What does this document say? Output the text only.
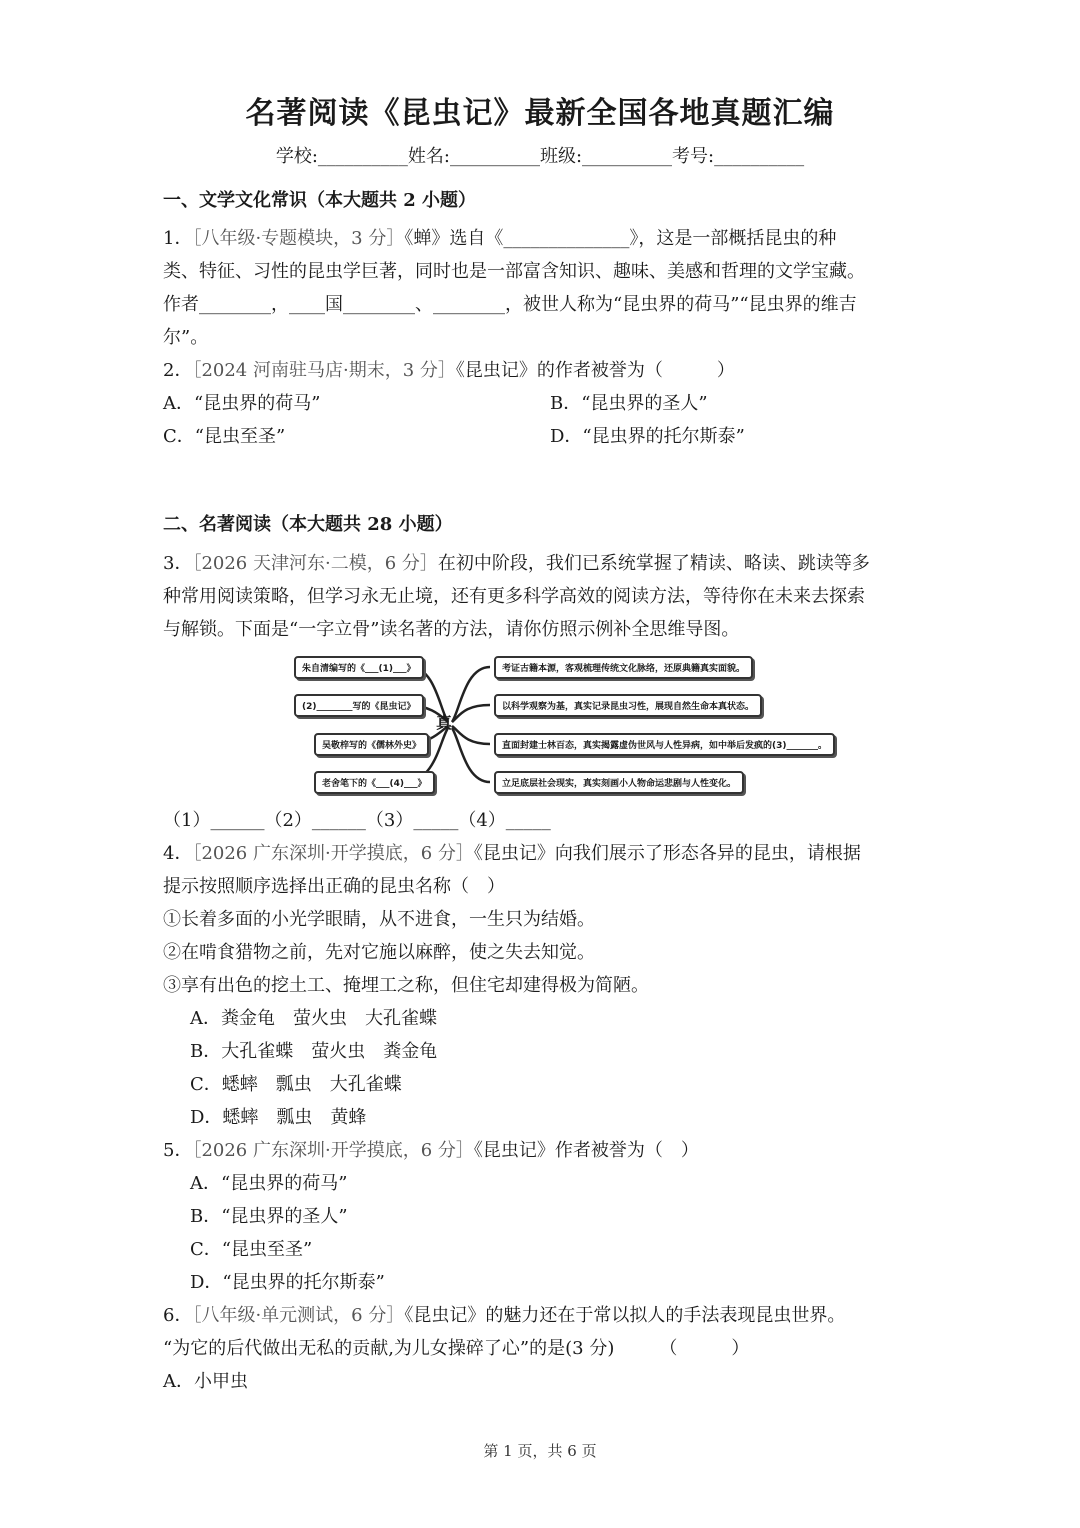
名著阅读《昆虫记》最新全国各地真题汇编
学校:__________姓名:__________班级:__________考号:__________
一、文学文化常识（本大题共 2 小题）
1．［八年级·专题模块，3 分］《蝉》选自《______________》，这是一部概括昆虫的种
类、特征、习性的昆虫学巨著，同时也是一部富含知识、趣味、美感和哲理的文学宝藏。
作者________，____国________、________，被世人称为“昆虫界的荷马”“昆虫界的维吉
尔”。
2．［2024 河南驻马店·期末，3 分］《昆虫记》的作者被誉为（　　　）
A．“昆虫界的荷马”	B．“昆虫界的圣人”
C．“昆虫至圣”	D．“昆虫界的托尔斯泰”
二、名著阅读（本大题共 28 小题）
3．［2026 天津河东·二模，6 分］在初中阶段，我们已系统掌握了精读、略读、跳读等多
种常用阅读策略，但学习永无止境，还有更多科学高效的阅读方法，等待你在未来去探索
与解锁。下面是“一字立骨”读名著的方法，请你仿照示例补全思维导图。
真
朱自清编写的《___(1)___》
(2)________写的《昆虫记》
吴敬梓写的《儒林外史》
老舍笔下的《___(4)___》
考证古籍本源，客观梳理传统文化脉络，还原典籍真实面貌。
以科学观察为基，真实记录昆虫习性，展现自然生命本真状态。
直面封建士林百态，真实揭露虚伪世风与人性异病，如中举后发疯的(3)_______。
立足底层社会现实，真实刻画小人物命运悲剧与人性变化。
（1）______（2）______（3）_____（4）_____
4．［2026 广东深圳·开学摸底，6 分］《昆虫记》向我们展示了形态各异的昆虫，请根据
提示按照顺序选择出正确的昆虫名称（　）
①长着多面的小光学眼睛，从不进食，一生只为结婚。
②在啃食猎物之前，先对它施以麻醉，使之失去知觉。
③享有出色的挖土工、掩埋工之称，但住宅却建得极为简陋。
A．粪金龟　萤火虫　大孔雀蝶
B．大孔雀蝶　萤火虫　粪金龟
C．蟋蟀　瓢虫　大孔雀蝶
D．蟋蟀　瓢虫　黄蜂
5．［2026 广东深圳·开学摸底，6 分］《昆虫记》作者被誉为（　）
A．“昆虫界的荷马”
B．“昆虫界的圣人”
C．“昆虫至圣”
D．“昆虫界的托尔斯泰”
6．［八年级·单元测试，6 分］《昆虫记》的魅力还在于常以拟人的手法表现昆虫世界。
“为它的后代做出无私的贡献,为儿女操碎了心”的是(3 分)　　　（　　　）
A．小甲虫
第 1 页，共 6 页
